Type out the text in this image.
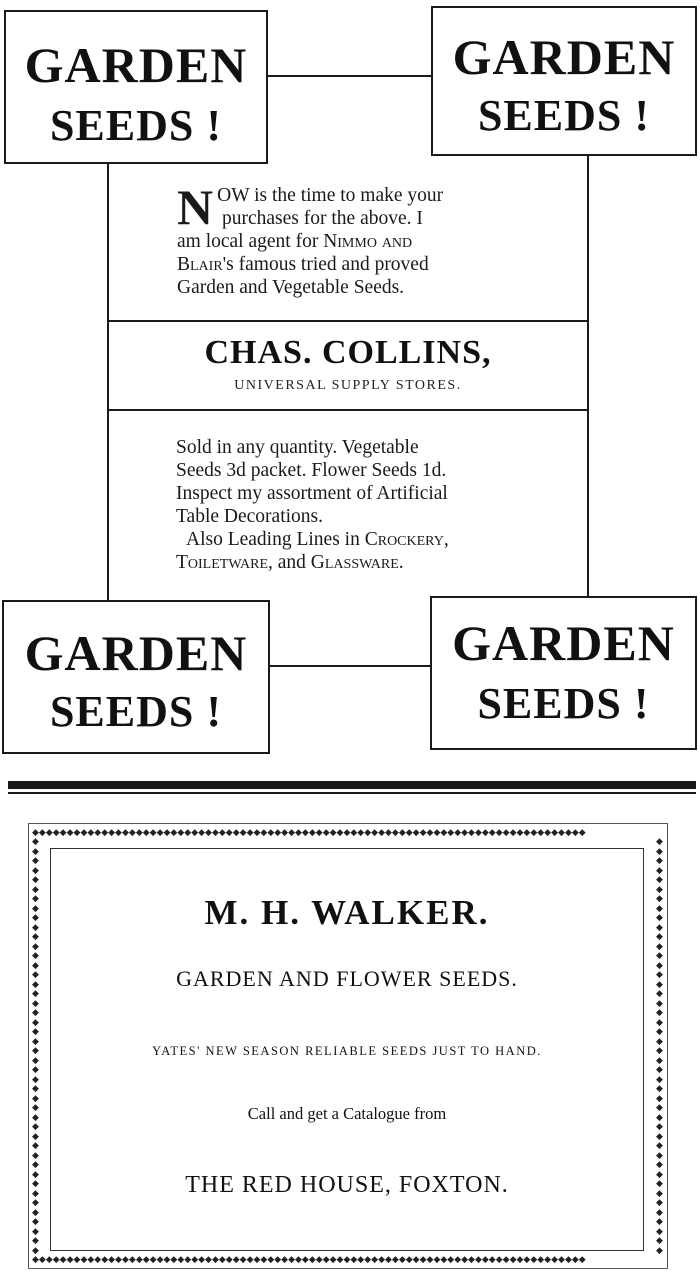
GARDEN
SEEDS !
GARDEN
SEEDS !
N OW is the time to make your
purchases for the above. I
am local agent for Nimmo and
Blair's famous tried and proved
Garden and Vegetable Seeds.
CHAS. COLLINS,
UNIVERSAL SUPPLY STORES.
Sold in any quantity. Vegetable
Seeds 3d packet. Flower Seeds 1d.
Inspect my assortment of Artificial
Table Decorations.
Also Leading Lines in Crockery,
Toiletware, and Glassware.
GARDEN
SEEDS !
GARDEN
SEEDS !
◆◆◆◆◆◆◆◆◆◆◆◆◆◆◆◆◆◆◆◆◆◆◆◆◆◆◆◆◆◆◆◆◆◆◆◆◆◆◆◆◆◆◆◆◆◆◆◆◆◆◆◆◆◆◆◆◆◆◆◆◆◆◆◆◆◆◆◆◆◆◆◆◆◆◆◆◆◆◆◆
◆◆◆◆◆◆◆◆◆◆◆◆◆◆◆◆◆◆◆◆◆◆◆◆◆◆◆◆◆◆◆◆◆◆◆◆◆◆◆◆◆◆◆◆◆◆◆◆◆◆◆◆◆◆◆◆◆◆◆◆◆◆◆◆◆◆◆◆◆◆◆◆◆◆◆◆◆◆◆◆
◆◆◆◆◆◆◆◆◆◆◆◆◆◆◆◆◆◆◆◆◆◆◆◆◆◆◆◆◆◆◆◆◆◆◆◆◆◆◆◆◆◆◆◆
◆◆◆◆◆◆◆◆◆◆◆◆◆◆◆◆◆◆◆◆◆◆◆◆◆◆◆◆◆◆◆◆◆◆◆◆◆◆◆◆◆◆◆◆
M. H. WALKER.
GARDEN AND FLOWER SEEDS.
YATES' NEW SEASON RELIABLE SEEDS JUST TO HAND.
Call and get a Catalogue from
THE RED HOUSE, FOXTON.
